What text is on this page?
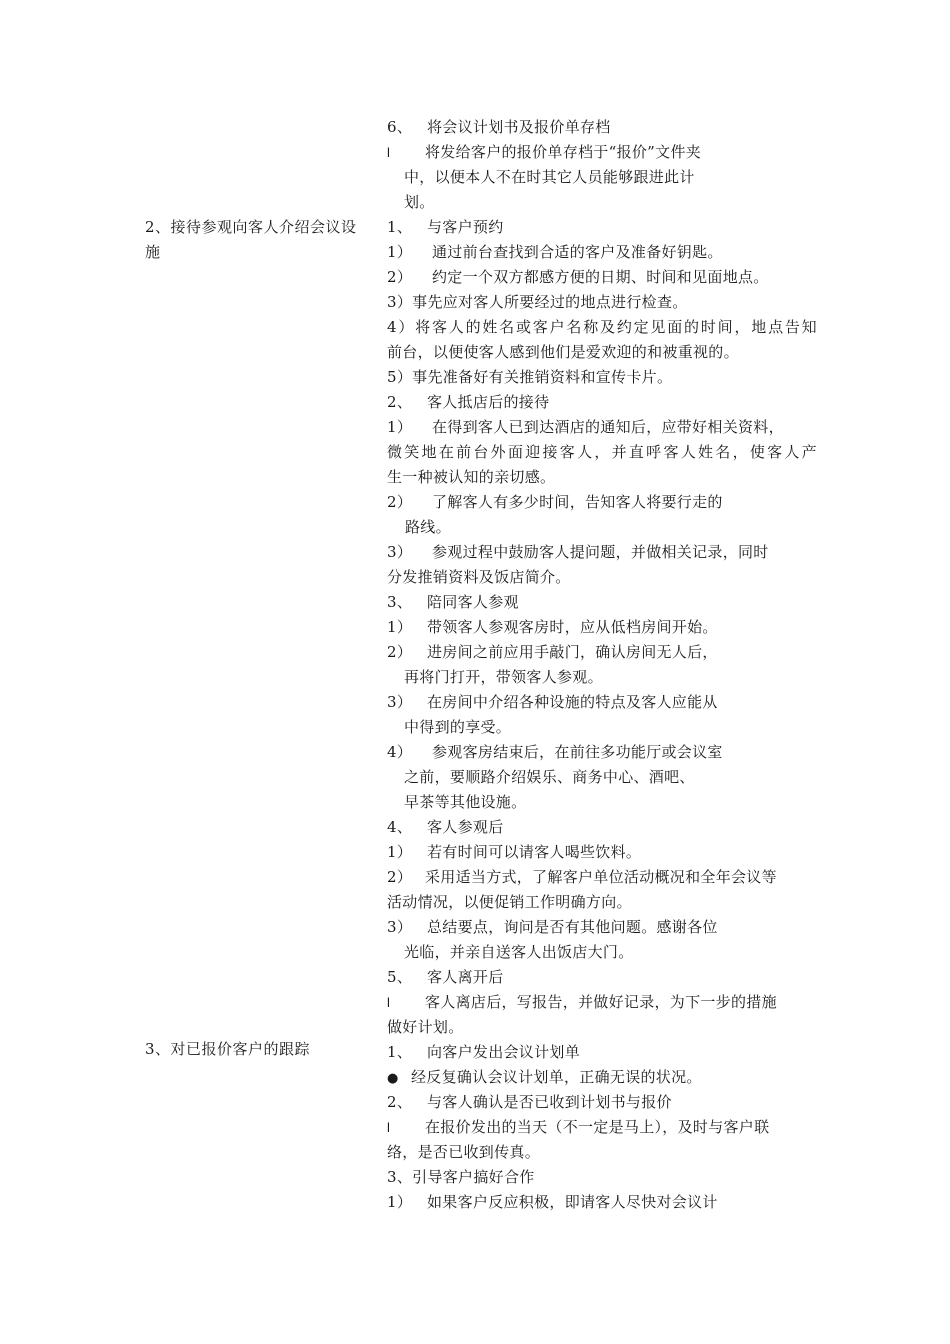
2、接待参观向客人介绍会议设
施
3、对已报价客户的跟踪
6、 将会议计划书及报价单存档
l 将发给客户的报价单存档于“报价”文件夹
中，以便本人不在时其它人员能够跟进此计
划。
1、 与客户预约
1） 通过前台查找到合适的客户及准备好钥匙。
2） 约定一个双方都感方便的日期、时间和见面地点。
3）事先应对客人所要经过的地点进行检查。
4）将客人的姓名或客户名称及约定见面的时间，地点告知
前台，以便使客人感到他们是爱欢迎的和被重视的。
5）事先准备好有关推销资料和宣传卡片。
2、 客人抵店后的接待
1） 在得到客人已到达酒店的通知后，应带好相关资料，
微笑地在前台外面迎接客人，并直呼客人姓名，使客人产
生一种被认知的亲切感。
2） 了解客人有多少时间，告知客人将要行走的
路线。
3） 参观过程中鼓励客人提问题，并做相关记录，同时
分发推销资料及饭店简介。
3、 陪同客人参观
1） 带领客人参观客房时，应从低档房间开始。
2） 进房间之前应用手敲门，确认房间无人后，
再将门打开，带领客人参观。
3） 在房间中介绍各种设施的特点及客人应能从
中得到的享受。
4） 参观客房结束后，在前往多功能厅或会议室
之前，要顺路介绍娱乐、商务中心、酒吧、
早茶等其他设施。
4、 客人参观后
1） 若有时间可以请客人喝些饮料。
2） 采用适当方式，了解客户单位活动概况和全年会议等
活动情况，以便促销工作明确方向。
3） 总结要点，询问是否有其他问题。感谢各位
光临，并亲自送客人出饭店大门。
5、 客人离开后
l 客人离店后，写报告，并做好记录，为下一步的措施
做好计划。
1、 向客户发出会议计划单
● 经反复确认会议计划单，正确无误的状况。
2、 与客人确认是否已收到计划书与报价
l 在报价发出的当天（不一定是马上），及时与客户联
络，是否已收到传真。
3、引导客户搞好合作
1） 如果客户反应积极，即请客人尽快对会议计
